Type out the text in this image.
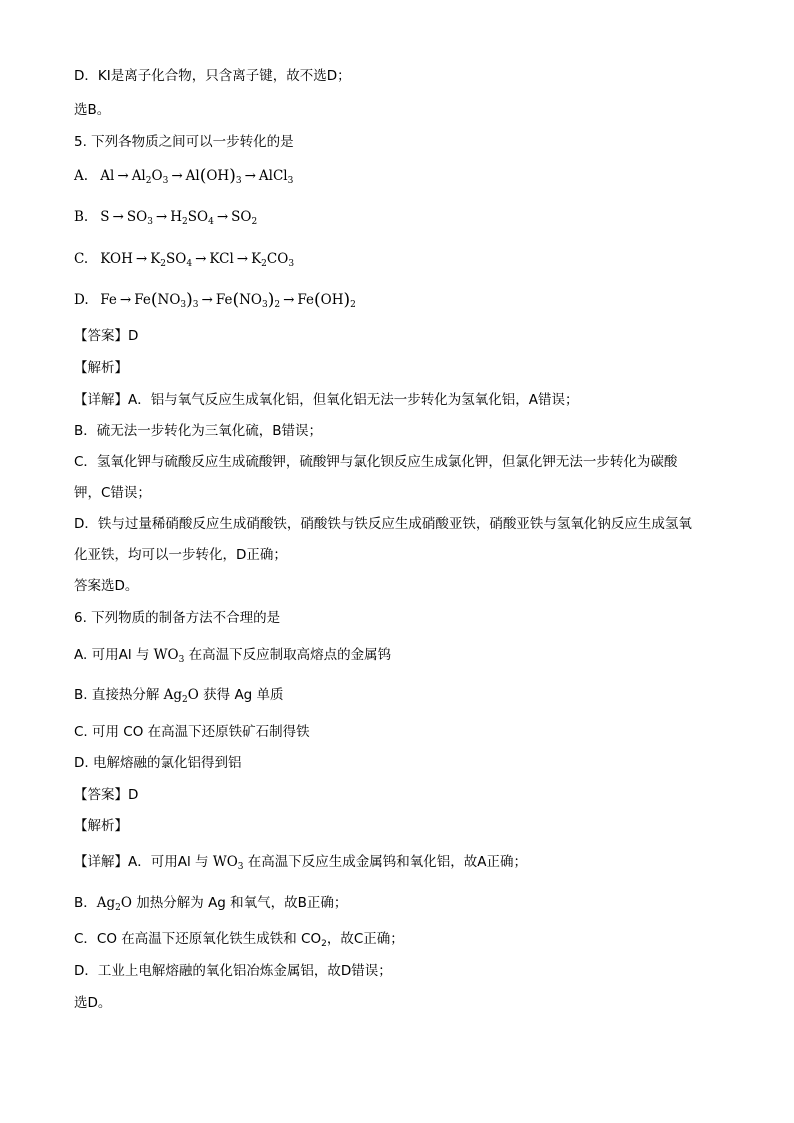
D．KI是离子化合物，只含离子键，故不选D；
选B。
5. 下列各物质之间可以一步转化的是
A. $Al \to Al_2O_3 \to Al(OH)_3$ → AlCl$_3$
B. $S \to SO_3 \to H_2SO_4 \to SO_2$
C. KOH → $K_2SO_4$ → KCl → $K_2CO_3$
D. $Fe \to Fe(NO_3)_3 \to Fe(NO_3)_2 \to Fe(OH)_2$
【答案】D
【解析】
【详解】A．铝与氧气反应生成氧化铝，但氧化铝无法一步转化为氢氧化铝，A错误；
B．硫无法一步转化为三氧化硫，B错误；
C．氢氧化钾与硫酸反应生成硫酸钾，硫酸钾与氯化钡反应生成氯化钾，但氯化钾无法一步转化为碳酸
钾，C错误；
D．铁与过量稀硝酸反应生成硝酸铁，硝酸铁与铁反应生成硝酸亚铁，硝酸亚铁与氢氧化钠反应生成氢氧
化亚铁，均可以一步转化，D正确；
答案选D。
6. 下列物质的制备方法不合理的是
A. 可用Al 与 $WO_3$ 在高温下反应制取高熔点的金属钨
B. 直接热分解 $Ag_2O$ 获得 Ag 单质
C. 可用 CO 在高温下还原铁矿石制得铁
D. 电解熔融的氯化铝得到铝
【答案】D
【解析】
【详解】A．可用Al 与 $WO_3$ 在高温下反应生成金属钨和氧化铝，故A正确；
B．$Ag_2O$ 加热分解为 Ag 和氧气，故B正确；
C．CO 在高温下还原氧化铁生成铁和 $CO_2$，故C正确；
D．工业上电解熔融的氧化铝冶炼金属铝，故D错误；
选D。
